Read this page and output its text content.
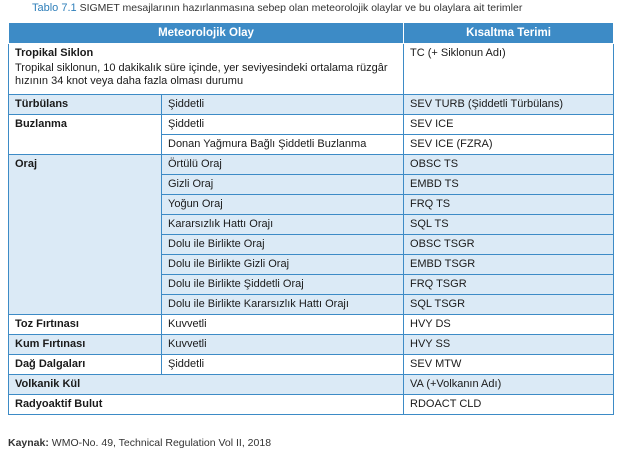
Tablo 7.1 SIGMET mesajlarının hazırlanmasına sebep olan meteorolojik olaylar ve bu olaylara ait terimler
Meteorolojik Olay		Kısaltma Terimi

Tropikal Siklon
Tropikal siklonun, 10 dakikalık süre içinde, yer seviyesindeki ortalama rüzgâr hızının 34 knot veya daha fazla olması durumu		TC (+ Siklonun Adı)
Türbülans	Şiddetli	SEV TURB (Şiddetli Türbülans)
Buzlanma	Şiddetli	SEV ICE
	Donan Yağmura Bağlı Şiddetli Buzlanma	SEV ICE (FZRA)
Oraj	Örtülü Oraj	OBSC TS
	Gizli Oraj	EMBD TS
	Yoğun Oraj	FRQ TS
	Kararsızlık Hattı Orajı	SQL TS
	Dolu ile Birlikte Oraj	OBSC TSGR
	Dolu ile Birlikte Gizli Oraj	EMBD TSGR
	Dolu ile Birlikte Şiddetli Oraj	FRQ TSGR
	Dolu ile Birlikte Kararsızlık Hattı Orajı	SQL TSGR
Toz Fırtınası	Kuvvetli	HVY DS
Kum Fırtınası	Kuvvetli	HVY SS
Dağ Dalgaları	Şiddetli	SEV MTW
Volkanik Kül		VA (+Volkanın Adı)
Radyoaktif Bulut		RDOACT CLD
Kaynak: WMO-No. 49, Technical Regulation Vol II, 2018
